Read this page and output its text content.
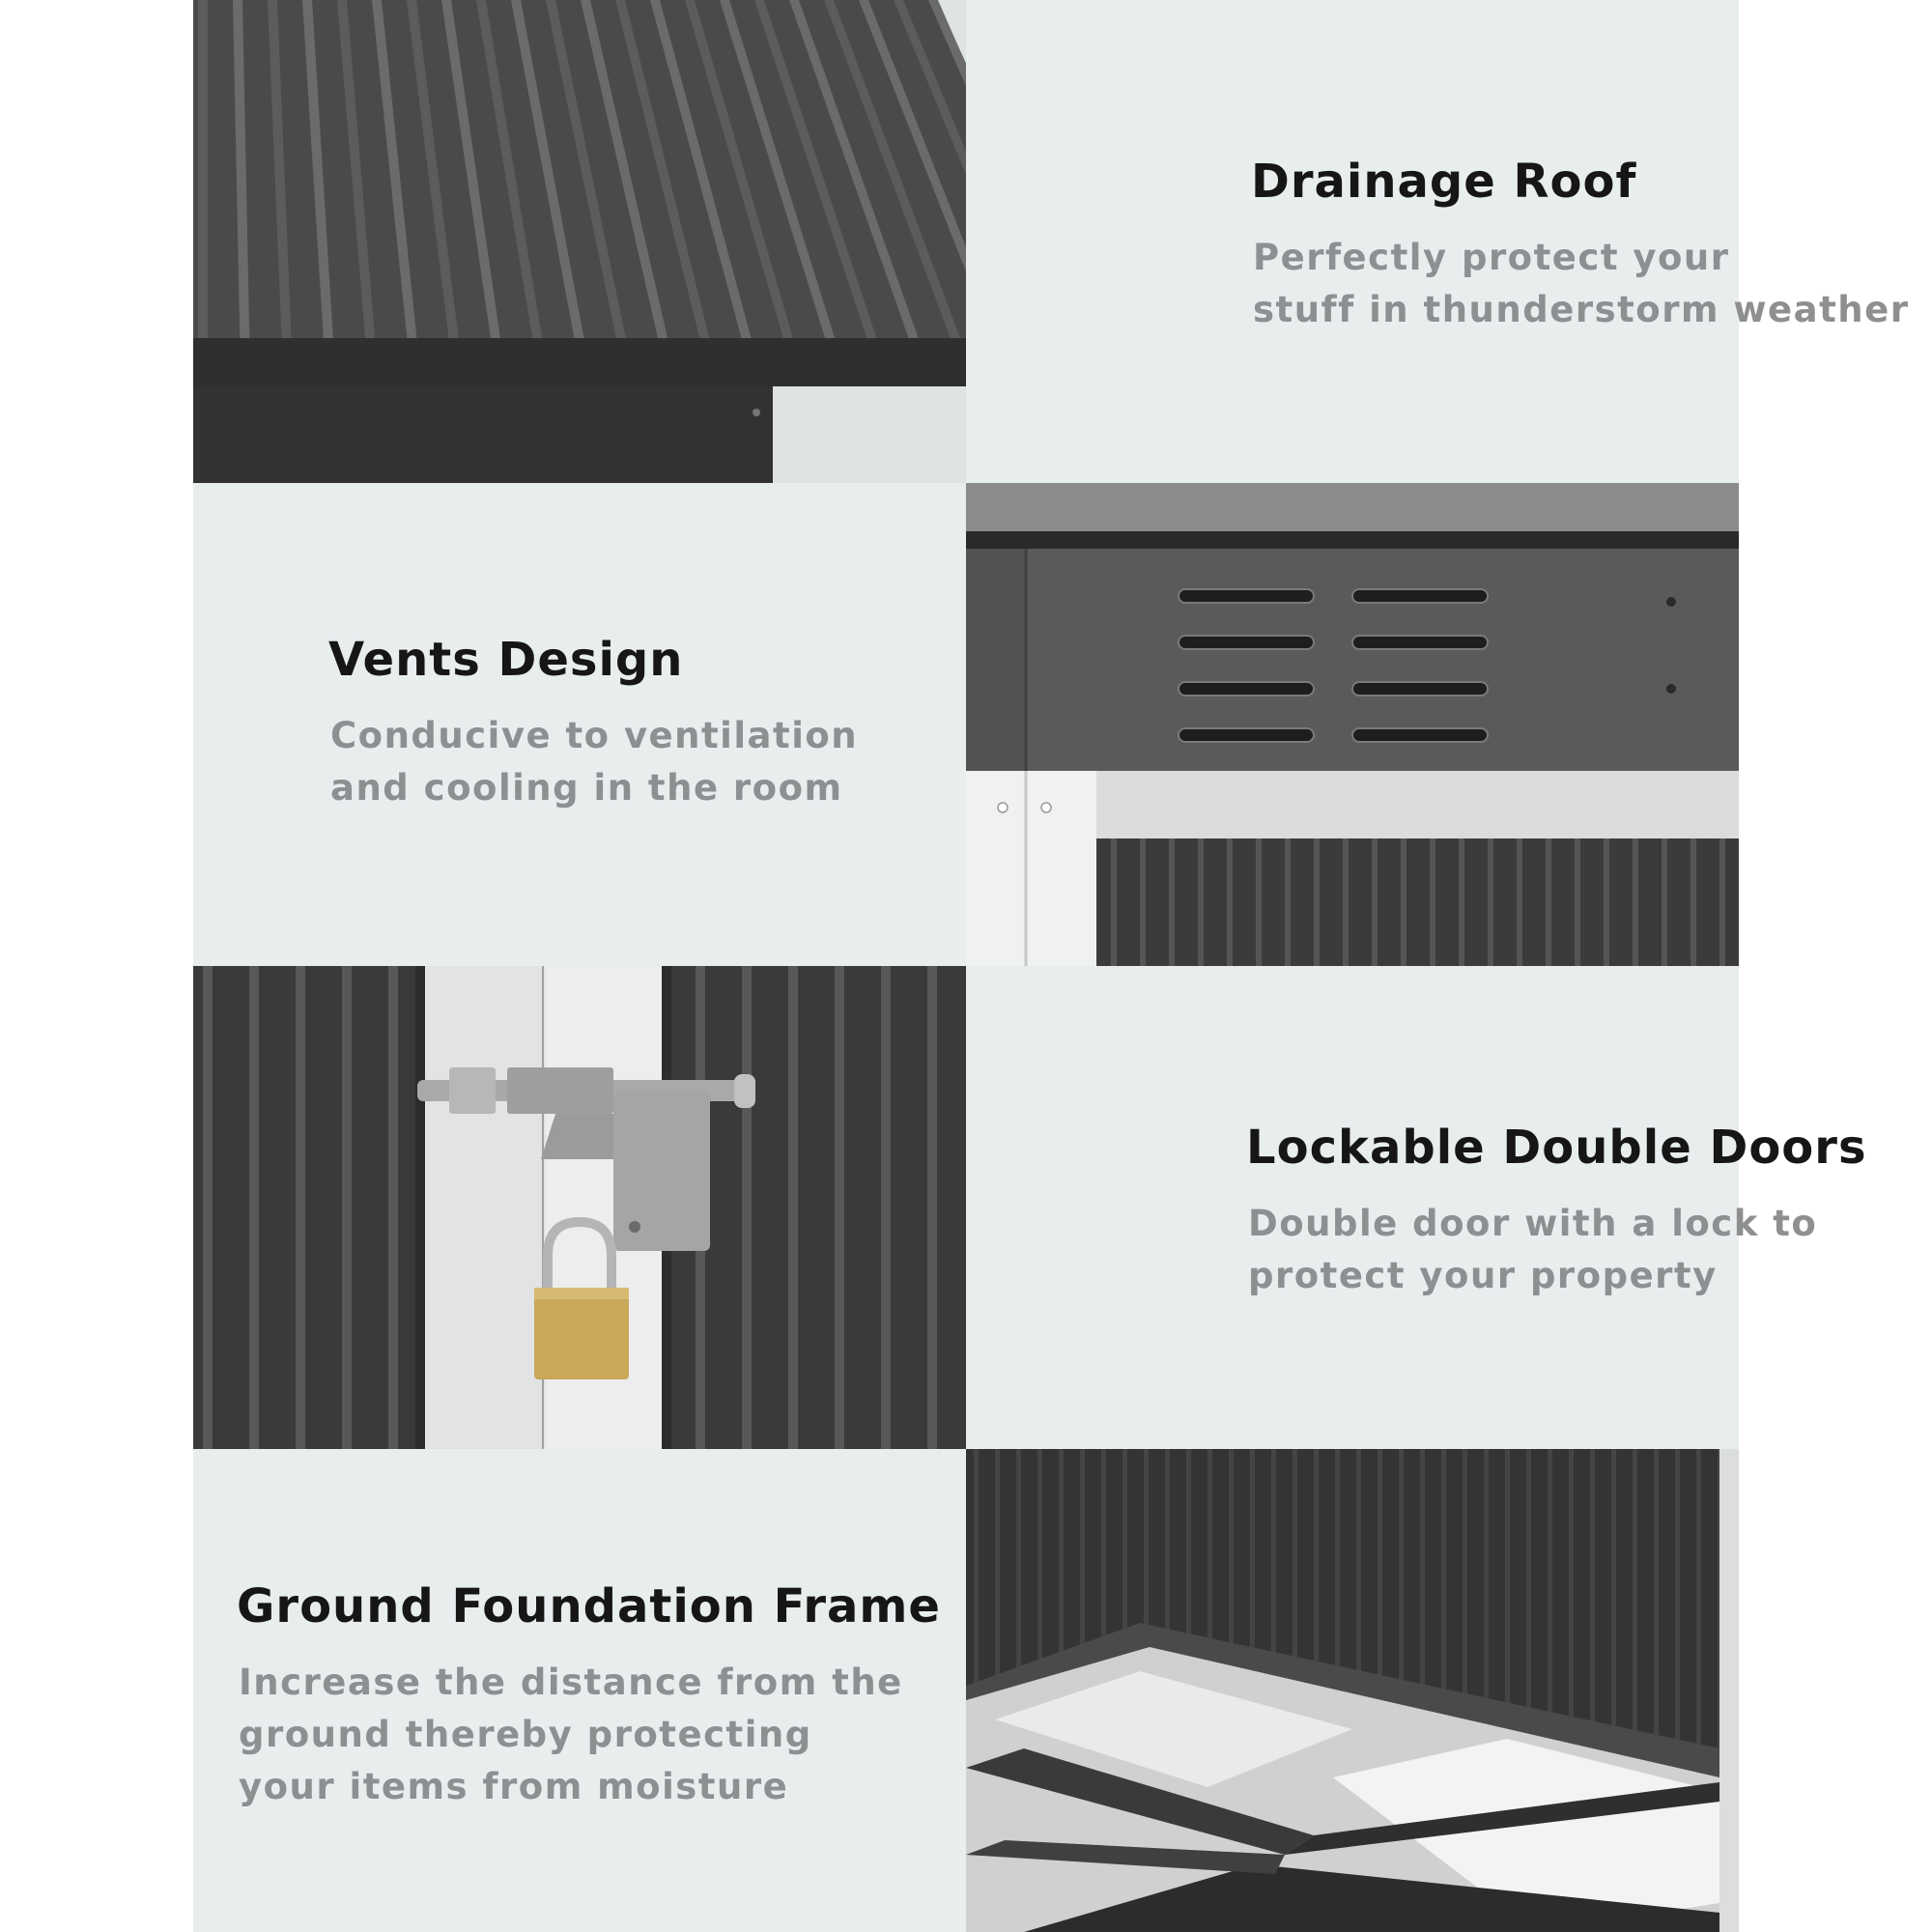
Drainage Roof

Perfectly protect your
stuff in thunderstorm weather

Vents Design

Conducive to ventilation
and cooling in the room

Lockable Double Doors

Double door with a lock to
protect your property

Ground Foundation Frame

Increase the distance from the
ground thereby protecting
your items from moisture
